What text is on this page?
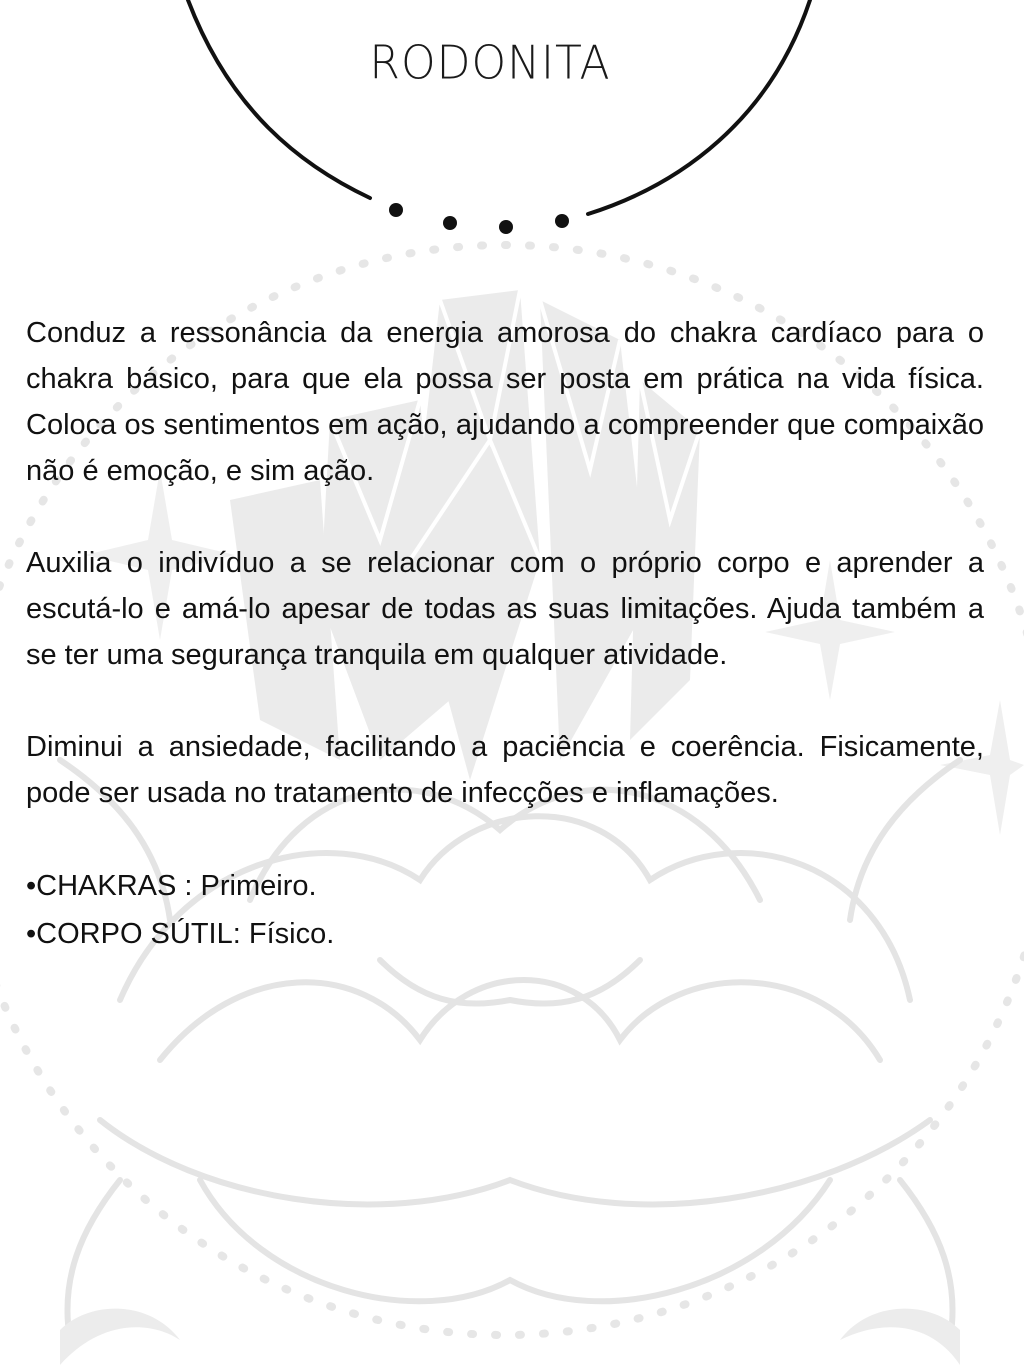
RODONITA

Conduz a ressonância da energia amorosa do chakra cardíaco para o chakra básico, para que ela possa ser posta em prática na vida física. Coloca os sentimentos em ação, ajudando a compreender que compaixão não é emoção, e sim ação.

Auxilia o indivíduo a se relacionar com o próprio corpo e aprender a escutá-lo e amá-lo apesar de todas as suas limitações. Ajuda também a se ter uma segurança tranquila em qualquer atividade.

Diminui a ansiedade, facilitando a paciência e coerência. Fisicamente, pode ser usada no tratamento de infecções e inflamações.

•CHAKRAS : Primeiro.
•CORPO SÚTIL: Físico.
